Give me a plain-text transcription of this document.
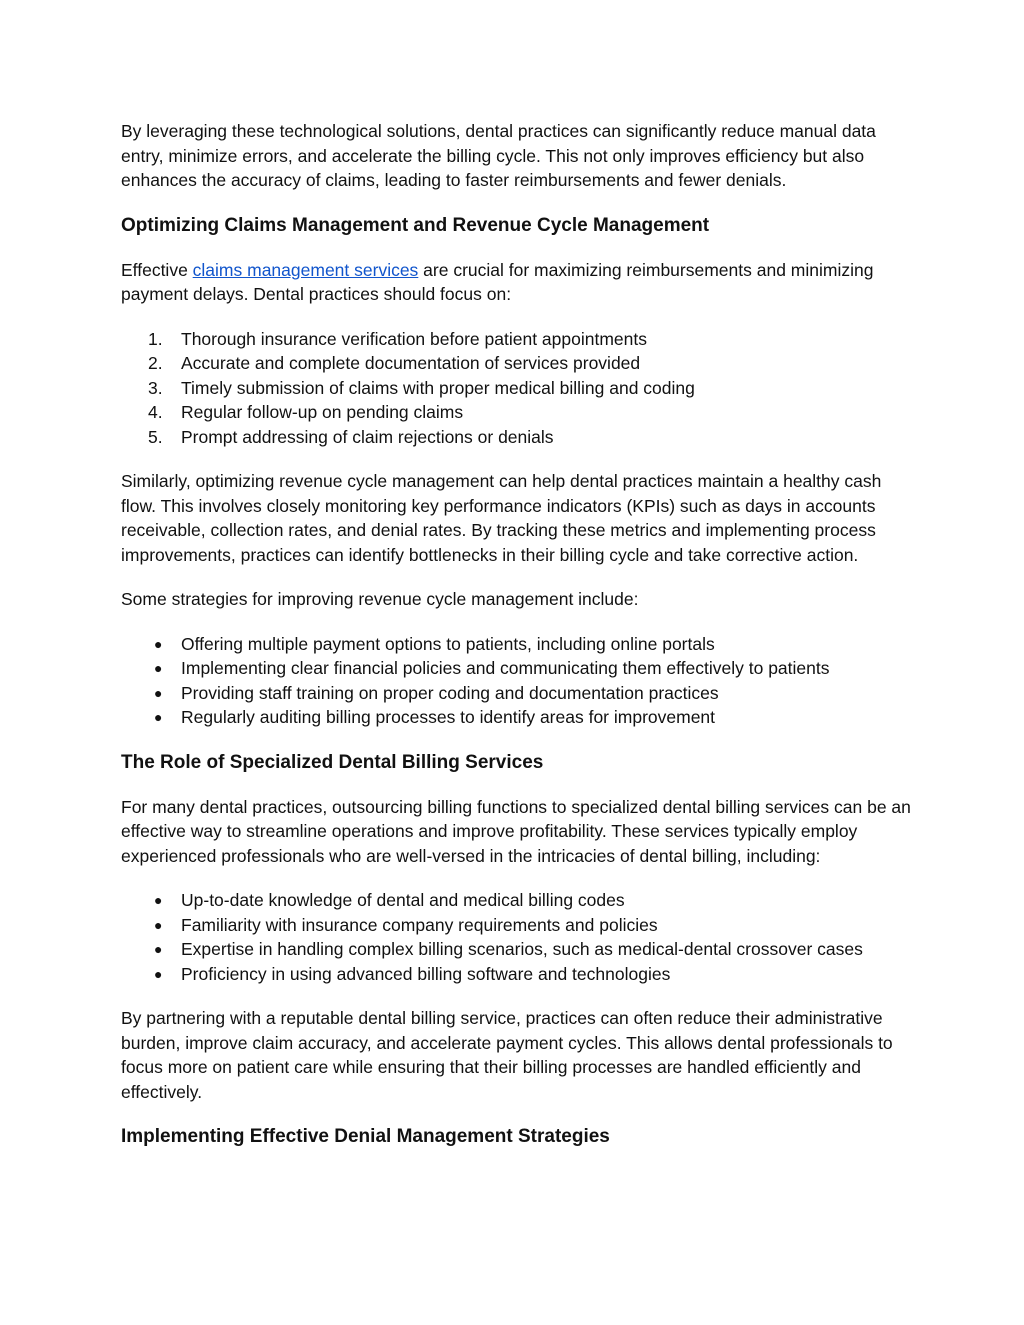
By leveraging these technological solutions, dental practices can significantly reduce manual data entry, minimize errors, and accelerate the billing cycle. This not only improves efficiency but also enhances the accuracy of claims, leading to faster reimbursements and fewer denials.

Optimizing Claims Management and Revenue Cycle Management

Effective claims management services are crucial for maximizing reimbursements and minimizing payment delays. Dental practices should focus on:

1. Thorough insurance verification before patient appointments
2. Accurate and complete documentation of services provided
3. Timely submission of claims with proper medical billing and coding
4. Regular follow-up on pending claims
5. Prompt addressing of claim rejections or denials

Similarly, optimizing revenue cycle management can help dental practices maintain a healthy cash flow. This involves closely monitoring key performance indicators (KPIs) such as days in accounts receivable, collection rates, and denial rates. By tracking these metrics and implementing process improvements, practices can identify bottlenecks in their billing cycle and take corrective action.

Some strategies for improving revenue cycle management include:

● Offering multiple payment options to patients, including online portals
● Implementing clear financial policies and communicating them effectively to patients
● Providing staff training on proper coding and documentation practices
● Regularly auditing billing processes to identify areas for improvement
The Role of Specialized Dental Billing Services

For many dental practices, outsourcing billing functions to specialized dental billing services can be an effective way to streamline operations and improve profitability. These services typically employ experienced professionals who are well-versed in the intricacies of dental billing, including:

● Up-to-date knowledge of dental and medical billing codes
● Familiarity with insurance company requirements and policies
● Expertise in handling complex billing scenarios, such as medical-dental crossover cases
● Proficiency in using advanced billing software and technologies

By partnering with a reputable dental billing service, practices can often reduce their administrative burden, improve claim accuracy, and accelerate payment cycles. This allows dental professionals to focus more on patient care while ensuring that their billing processes are handled efficiently and effectively.

Implementing Effective Denial Management Strategies
